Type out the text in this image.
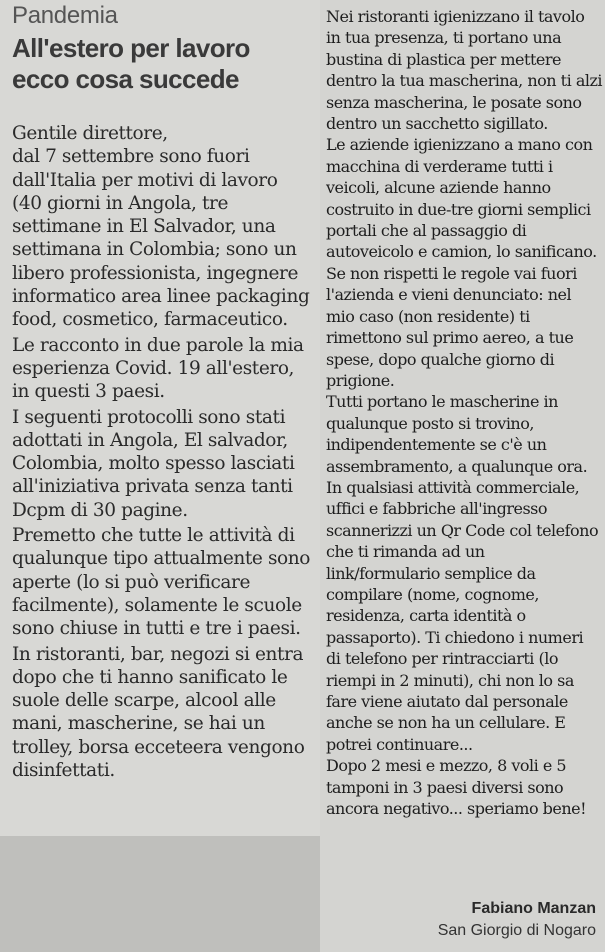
Pandemia
All'estero per lavoro ecco cosa succede

Gentile direttore,

dal 7 settembre sono fuori dall'Italia per motivi di lavoro (40 giorni in Angola, tre settimane in El Salvador, una settimana in Colombia; sono un libero professionista, ingegnere informatico area linee packaging food, cosmetico, farmaceutico.

Le racconto in due parole la mia esperienza Covid. 19 all'estero, in questi 3 paesi.

I seguenti protocolli sono stati adottati in Angola, El salvador, Colombia, molto spesso lasciati all'iniziativa privata senza tanti Dcpm di 30 pagine.

Premetto che tutte le attività di qualunque tipo attualmente sono aperte (lo si può verificare facilmente), solamente le scuole sono chiuse in tutti e tre i paesi.

In ristoranti, bar, negozi si entra dopo che ti hanno sanificato le suole delle scarpe, alcool alle mani, mascherine, se hai un trolley, borsa ecceteera vengono disinfettati.

Nei ristoranti igienizzano il tavolo in tua presenza, ti portano una bustina di plastica per mettere dentro la tua mascherina, non ti alzi senza mascherina, le posate sono dentro un sacchetto sigillato.

Le aziende igienizzano a mano con macchina di verderame tutti i veicoli, alcune aziende hanno costruito in due-tre giorni semplici portali che al passaggio di autoveicolo e camion, lo sanificano.

Se non rispetti le regole vai fuori l'azienda e vieni denunciato: nel mio caso (non residente) ti rimettono sul primo aereo, a tue spese, dopo qualche giorno di prigione.

Tutti portano le mascherine in qualunque posto si trovino, indipendentemente se c'è un assembramento, a qualunque ora.

In qualsiasi attività commerciale, uffici e fabbriche all'ingresso scannerizzi un Qr Code col telefono che ti rimanda ad un link/formulario semplice da compilare (nome, cognome, residenza, carta identità o passaporto). Ti chiedono i numeri di telefono per rintracciarti (lo riempi in 2 minuti), chi non lo sa fare viene aiutato dal personale anche se non ha un cellulare. E potrei continuare...

Dopo 2 mesi e mezzo, 8 voli e 5 tamponi in 3 paesi diversi sono ancora negativo... speriamo bene!

Fabiano Manzan
San Giorgio di Nogaro
